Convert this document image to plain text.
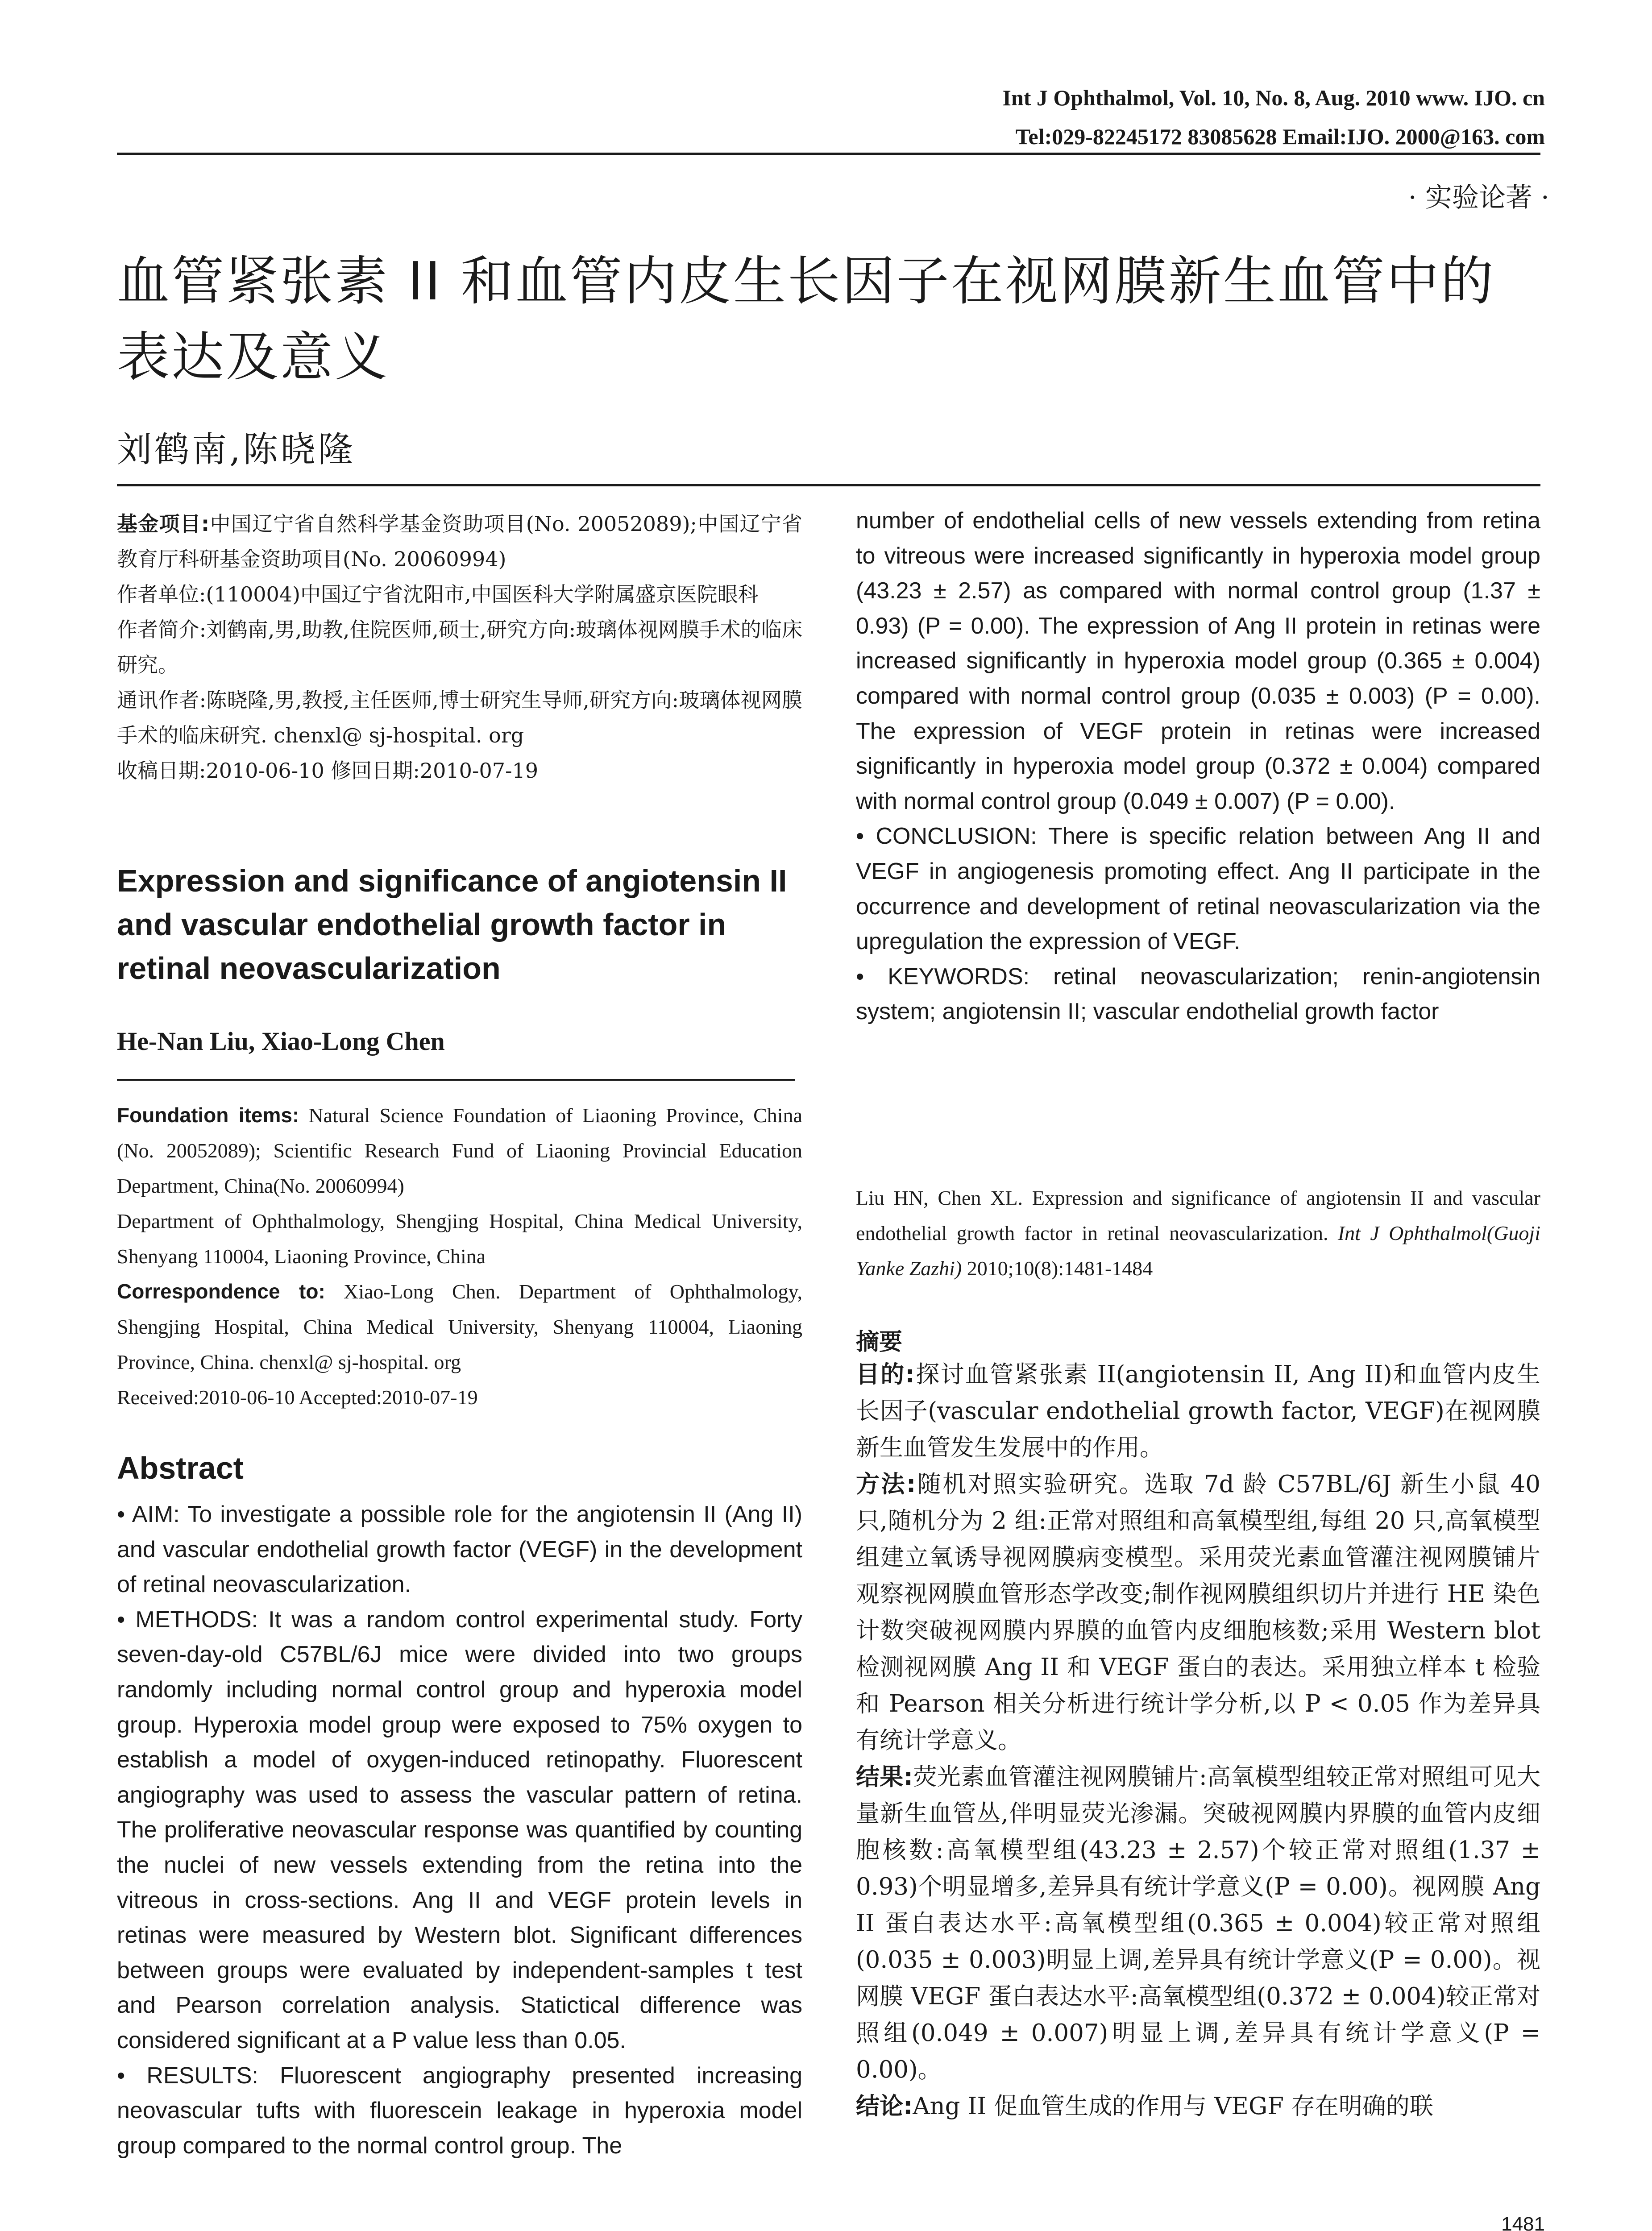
Int J Ophthalmol, Vol. 10, No. 8, Aug. 2010 www. IJO. cn
Tel:029-82245172 83085628 Email:IJO. 2000@163. com
· 实验论著 ·
血管紧张素 II 和血管内皮生长因子在视网膜新生血管中的表达及意义
刘鹤南,陈晓隆

基金项目:中国辽宁省自然科学基金资助项目(No. 20052089);中国辽宁省教育厅科研基金资助项目(No. 20060994)

作者单位:(110004)中国辽宁省沈阳市,中国医科大学附属盛京医院眼科

作者简介:刘鹤南,男,助教,住院医师,硕士,研究方向:玻璃体视网膜手术的临床研究。

通讯作者:陈晓隆,男,教授,主任医师,博士研究生导师,研究方向:玻璃体视网膜手术的临床研究. chenxl@ sj-hospital. org

收稿日期:2010-06-10 修回日期:2010-07-19

Expression and significance of angiotensin II and vascular endothelial growth factor in retinal neovascularization
He-Nan Liu, Xiao-Long Chen

Foundation items: Natural Science Foundation of Liaoning Province, China (No. 20052089); Scientific Research Fund of Liaoning Provincial Education Department, China(No. 20060994)

Department of Ophthalmology, Shengjing Hospital, China Medical University, Shenyang 110004, Liaoning Province, China

Correspondence to: Xiao-Long Chen. Department of Ophthalmology, Shengjing Hospital, China Medical University, Shenyang 110004, Liaoning Province, China. chenxl@ sj-hospital. org

Received:2010-06-10 Accepted:2010-07-19

Abstract

• AIM: To investigate a possible role for the angiotensin II (Ang II) and vascular endothelial growth factor (VEGF) in the development of retinal neovascularization.

• METHODS: It was a random control experimental study. Forty seven-day-old C57BL/6J mice were divided into two groups randomly including normal control group and hyperoxia model group. Hyperoxia model group were exposed to 75% oxygen to establish a model of oxygen-induced retinopathy. Fluorescent angiography was used to assess the vascular pattern of retina. The proliferative neovascular response was quantified by counting the nuclei of new vessels extending from the retina into the vitreous in cross-sections. Ang II and VEGF protein levels in retinas were measured by Western blot. Significant differences between groups were evaluated by independent-samples t test and Pearson correlation analysis. Statictical difference was considered significant at a P value less than 0.05.

• RESULTS: Fluorescent angiography presented increasing neovascular tufts with fluorescein leakage in hyperoxia model group compared to the normal control group. The

number of endothelial cells of new vessels extending from retina to vitreous were increased significantly in hyperoxia model group (43.23 ± 2.57) as compared with normal control group (1.37 ± 0.93) (P = 0.00). The expression of Ang II protein in retinas were increased significantly in hyperoxia model group (0.365 ± 0.004) compared with normal control group (0.035 ± 0.003) (P = 0.00). The expression of VEGF protein in retinas were increased significantly in hyperoxia model group (0.372 ± 0.004) compared with normal control group (0.049 ± 0.007) (P = 0.00).

• CONCLUSION: There is specific relation between Ang II and VEGF in angiogenesis promoting effect. Ang II participate in the occurrence and development of retinal neovascularization via the upregulation the expression of VEGF.

• KEYWORDS: retinal neovascularization; renin-angiotensin system; angiotensin II; vascular endothelial growth factor

Liu HN, Chen XL. Expression and significance of angiotensin II and vascular endothelial growth factor in retinal neovascularization. Int J Ophthalmol(Guoji Yanke Zazhi) 2010;10(8):1481-1484

摘要

目的:探讨血管紧张素 II(angiotensin II, Ang II)和血管内皮生长因子(vascular endothelial growth factor, VEGF)在视网膜新生血管发生发展中的作用。

方法:随机对照实验研究。选取 7d 龄 C57BL/6J 新生小鼠 40 只,随机分为 2 组:正常对照组和高氧模型组,每组 20 只,高氧模型组建立氧诱导视网膜病变模型。采用荧光素血管灌注视网膜铺片观察视网膜血管形态学改变;制作视网膜组织切片并进行 HE 染色计数突破视网膜内界膜的血管内皮细胞核数;采用 Western blot 检测视网膜 Ang II 和 VEGF 蛋白的表达。采用独立样本 t 检验和 Pearson 相关分析进行统计学分析,以 P < 0.05 作为差异具有统计学意义。

结果:荧光素血管灌注视网膜铺片:高氧模型组较正常对照组可见大量新生血管丛,伴明显荧光渗漏。突破视网膜内界膜的血管内皮细胞核数:高氧模型组(43.23 ± 2.57)个较正常对照组(1.37 ± 0.93)个明显增多,差异具有统计学意义(P = 0.00)。视网膜 Ang II 蛋白表达水平:高氧模型组(0.365 ± 0.004)较正常对照组(0.035 ± 0.003)明显上调,差异具有统计学意义(P = 0.00)。视网膜 VEGF 蛋白表达水平:高氧模型组(0.372 ± 0.004)较正常对照组(0.049 ± 0.007)明显上调,差异具有统计学意义(P = 0.00)。

结论:Ang II 促血管生成的作用与 VEGF 存在明确的联

1481
